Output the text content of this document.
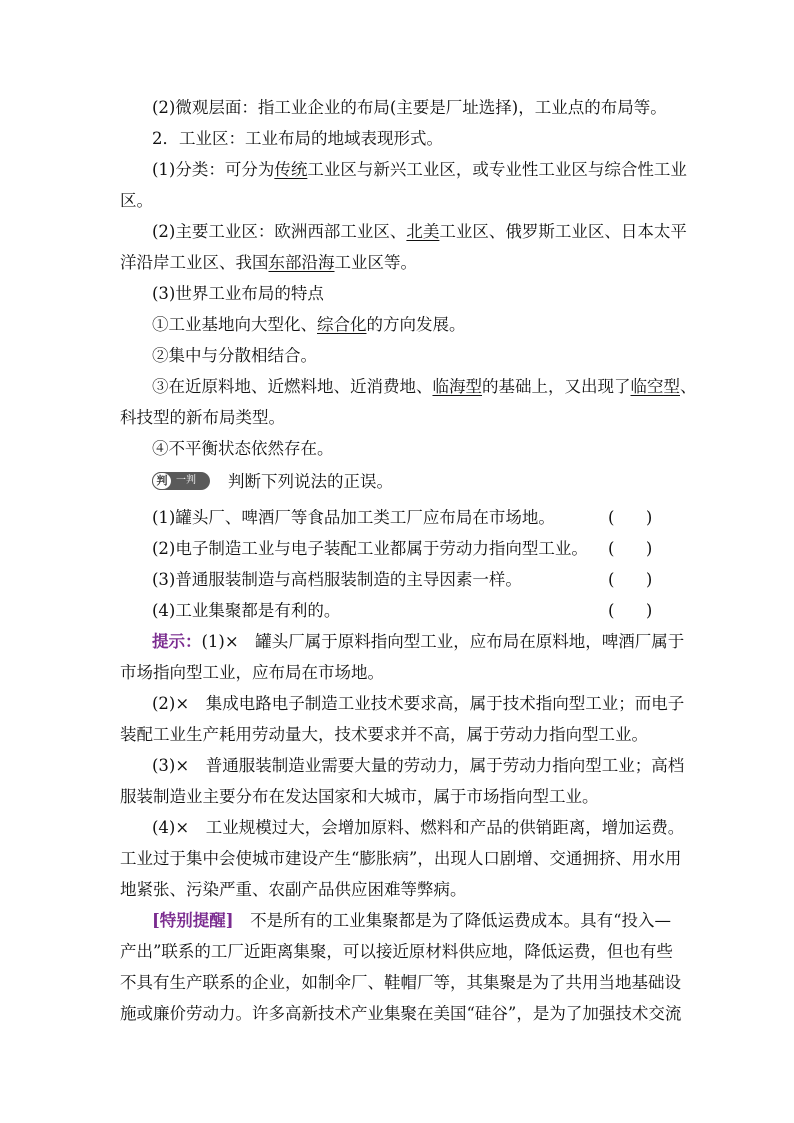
(2)微观层面：指工业企业的布局(主要是厂址选择)，工业点的布局等。
2．工业区：工业布局的地域表现形式。
(1)分类：可分为传统工业区与新兴工业区，或专业性工业区与综合性工业
区。
(2)主要工业区：欧洲西部工业区、北美工业区、俄罗斯工业区、日本太平
洋沿岸工业区、我国东部沿海工业区等。
(3)世界工业布局的特点
①工业基地向大型化、综合化的方向发展。
②集中与分散相结合。
③在近原料地、近燃料地、近消费地、临海型的基础上，又出现了临空型、
科技型的新布局类型。
④不平衡状态依然存在。
判 一判 判断下列说法的正误。
(1)罐头厂、啤酒厂等食品加工类工厂应布局在市场地。	(      )
(2)电子制造工业与电子装配工业都属于劳动力指向型工业。 (      )
(3)普通服装制造与高档服装制造的主导因素一样。	(      )
(4)工业集聚都是有利的。	(      )
提示：(1)×　罐头厂属于原料指向型工业，应布局在原料地，啤酒厂属于
市场指向型工业，应布局在市场地。
(2)×　集成电路电子制造工业技术要求高，属于技术指向型工业；而电子
装配工业生产耗用劳动量大，技术要求并不高，属于劳动力指向型工业。
(3)×　普通服装制造业需要大量的劳动力，属于劳动力指向型工业；高档
服装制造业主要分布在发达国家和大城市，属于市场指向型工业。
(4)×　工业规模过大，会增加原料、燃料和产品的供销距离，增加运费。
工业过于集中会使城市建设产生“膨胀病”，出现人口剧增、交通拥挤、用水用
地紧张、污染严重、农副产品供应困难等弊病。
[特别提醒]　不是所有的工业集聚都是为了降低运费成本。具有“投入—
产出”联系的工厂近距离集聚，可以接近原材料供应地，降低运费，但也有些
不具有生产联系的企业，如制伞厂、鞋帽厂等，其集聚是为了共用当地基础设
施或廉价劳动力。许多高新技术产业集聚在美国“硅谷”，是为了加强技术交流
